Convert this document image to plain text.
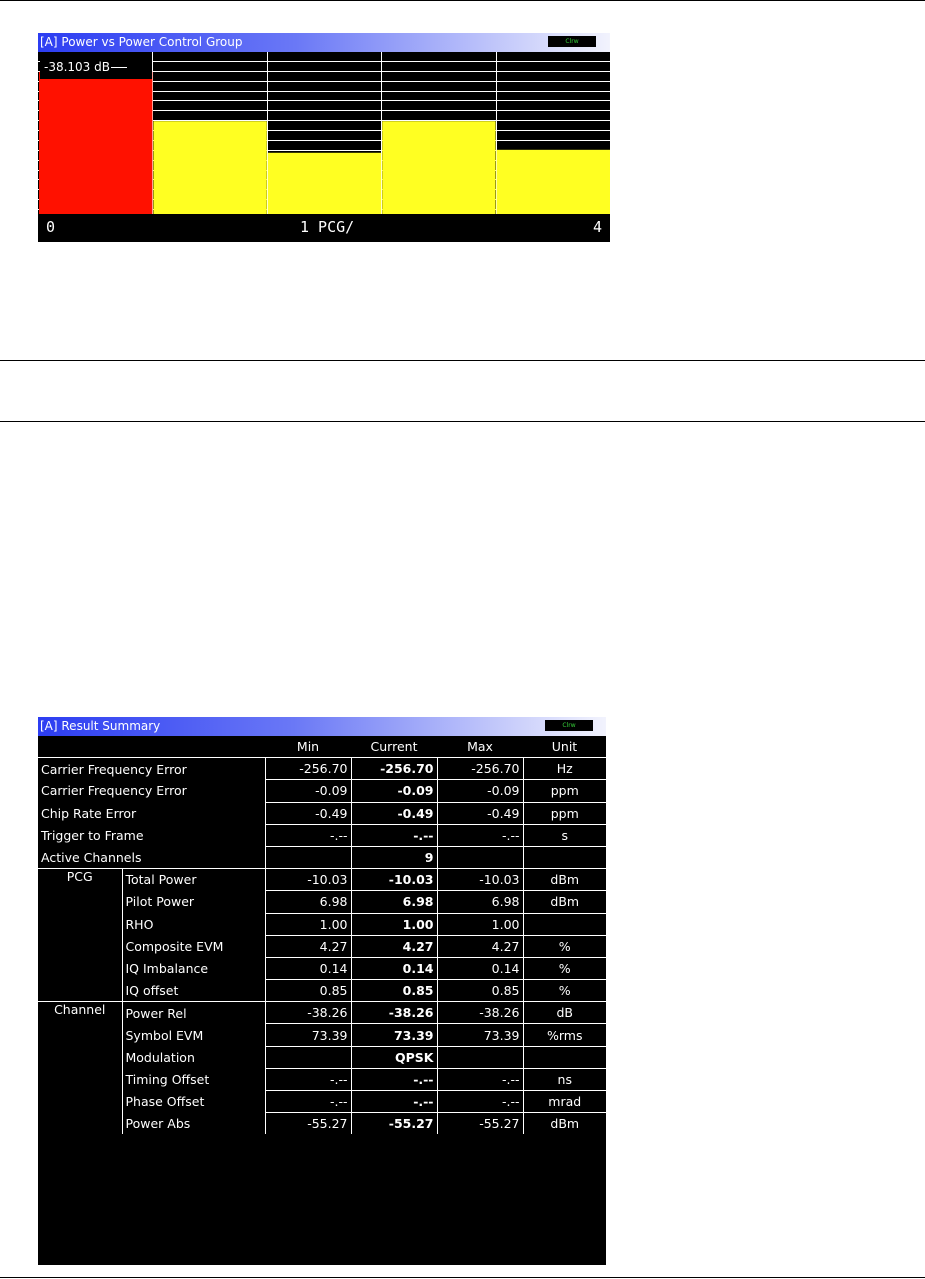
[A] Power vs Power Control Group	Clrw
-38.103 dB
0	1 PCG/	4
[A] Result Summary	Clrw
		Min	Current	Max	Unit
Carrier Frequency Error		-256.70	-256.70	-256.70	Hz
Carrier Frequency Error		-0.09	-0.09	-0.09	ppm
Chip Rate Error		-0.49	-0.49	-0.49	ppm
Trigger to Frame		-.--	-.--	-.--	s
Active Channels			9		
PCG	Total Power	-10.03	-10.03	-10.03	dBm
	Pilot Power	6.98	6.98	6.98	dBm
	RHO	1.00	1.00	1.00	
	Composite EVM	4.27	4.27	4.27	%
	IQ Imbalance	0.14	0.14	0.14	%
	IQ offset	0.85	0.85	0.85	%
Channel	Power Rel	-38.26	-38.26	-38.26	dB
	Symbol EVM	73.39	73.39	73.39	%rms
	Modulation		QPSK		
	Timing Offset	-.--	-.--	-.--	ns
	Phase Offset	-.--	-.--	-.--	mrad
	Power Abs	-55.27	-55.27	-55.27	dBm
